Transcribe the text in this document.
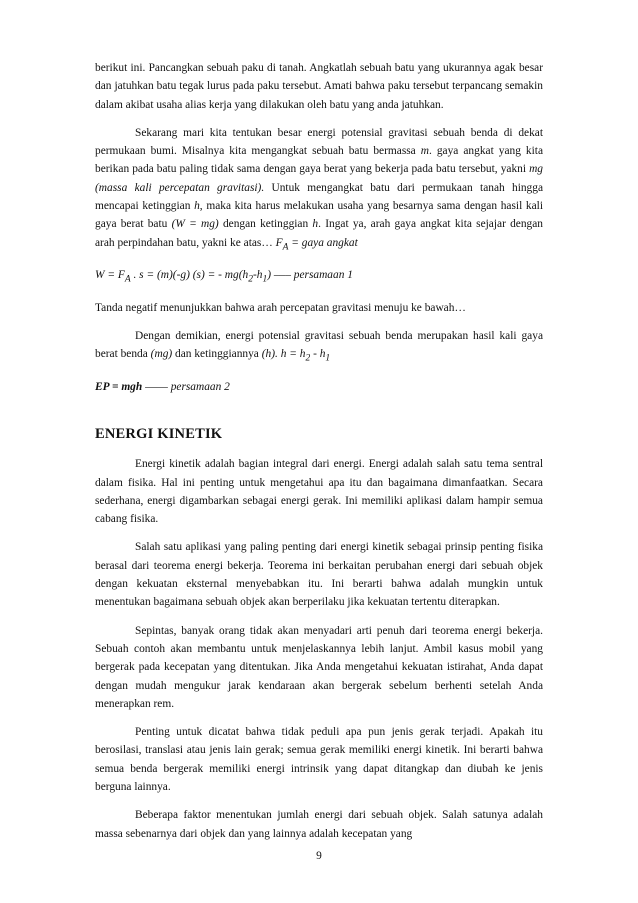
berikut ini. Pancangkan sebuah paku di tanah. Angkatlah sebuah batu yang ukurannya agak besar dan jatuhkan batu tegak lurus pada paku tersebut. Amati bahwa paku tersebut terpancang semakin dalam akibat usaha alias kerja yang dilakukan oleh batu yang anda jatuhkan.

Sekarang mari kita tentukan besar energi potensial gravitasi sebuah benda di dekat permukaan bumi. Misalnya kita mengangkat sebuah batu bermassa m. gaya angkat yang kita berikan pada batu paling tidak sama dengan gaya berat yang bekerja pada batu tersebut, yakni mg (massa kali percepatan gravitasi). Untuk mengangkat batu dari permukaan tanah hingga mencapai ketinggian h, maka kita harus melakukan usaha yang besarnya sama dengan hasil kali gaya berat batu (W = mg) dengan ketinggian h. Ingat ya, arah gaya angkat kita sejajar dengan arah perpindahan batu, yakni ke atas… $F_A$ = gaya angkat

$W = F_A$ . s = (m)(-g) (s) = - $mg(h_2-h_1)$ ––– persamaan 1

Tanda negatif menunjukkan bahwa arah percepatan gravitasi menuju ke bawah…

Dengan demikian, energi potensial gravitasi sebuah benda merupakan hasil kali gaya berat benda (mg) dan ketinggiannya (h). $h = h_2 - h_1$

EP = mgh –––– persamaan 2

ENERGI KINETIK

Energi kinetik adalah bagian integral dari energi. Energi adalah salah satu tema sentral dalam fisika. Hal ini penting untuk mengetahui apa itu dan bagaimana dimanfaatkan. Secara sederhana, energi digambarkan sebagai energi gerak. Ini memiliki aplikasi dalam hampir semua cabang fisika.

Salah satu aplikasi yang paling penting dari energi kinetik sebagai prinsip penting fisika berasal dari teorema energi bekerja. Teorema ini berkaitan perubahan energi dari sebuah objek dengan kekuatan eksternal menyebabkan itu. Ini berarti bahwa adalah mungkin untuk menentukan bagaimana sebuah objek akan berperilaku jika kekuatan tertentu diterapkan.

Sepintas, banyak orang tidak akan menyadari arti penuh dari teorema energi bekerja. Sebuah contoh akan membantu untuk menjelaskannya lebih lanjut. Ambil kasus mobil yang bergerak pada kecepatan yang ditentukan. Jika Anda mengetahui kekuatan istirahat, Anda dapat dengan mudah mengukur jarak kendaraan akan bergerak sebelum berhenti setelah Anda menerapkan rem.

Penting untuk dicatat bahwa tidak peduli apa pun jenis gerak terjadi. Apakah itu berosilasi, translasi atau jenis lain gerak; semua gerak memiliki energi kinetik. Ini berarti bahwa semua benda bergerak memiliki energi intrinsik yang dapat ditangkap dan diubah ke jenis berguna lainnya.

Beberapa faktor menentukan jumlah energi dari sebuah objek. Salah satunya adalah massa sebenarnya dari objek dan yang lainnya adalah kecepatan yang

9
